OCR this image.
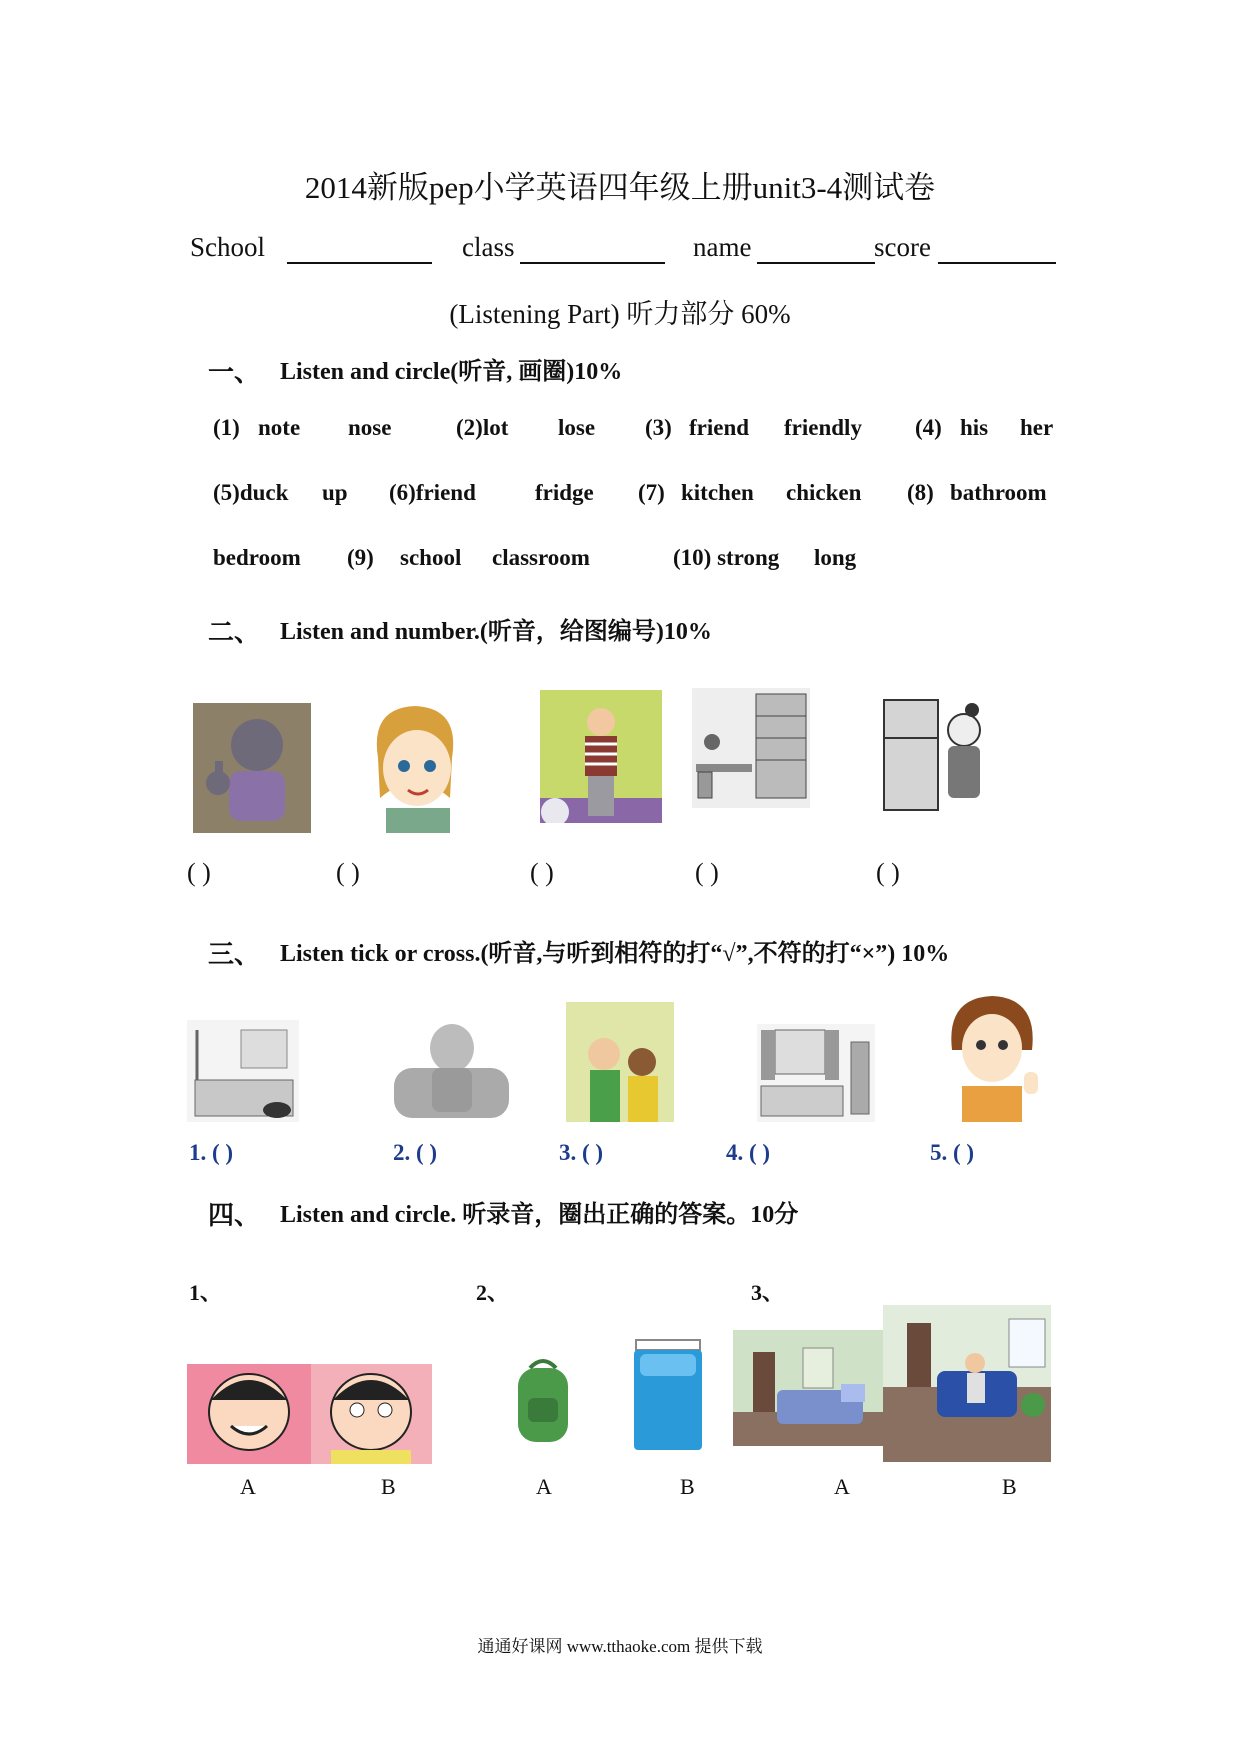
2014新版pep小学英语四年级上册unit3-4测试卷
School	class	name	score
(Listening Part) 听力部分 60%
一、 Listen and circle(听音, 画圈)10%
(1) note nose	(2)lot lose (3) friend friendly (4) his her
(5)duck up (6)friend	fridge (7) kitchen chicken (8) bathroom
bedroom (9) school classroom	(10) strong long
二、 Listen and number.(听音，给图编号)10%
( )	( )	( )	( )	( )
三、 Listen tick or cross.(听音,与听到相符的打“√”,不符的打“×”) 10%
1. ( )	2. ( )	3. ( )	4. ( )	5. ( )
四、 Listen and circle. 听录音，圈出正确的答案。10分
1、	2、	3、
A	B	A	B	A	B
通通好课网 www.tthaoke.com 提供下载
